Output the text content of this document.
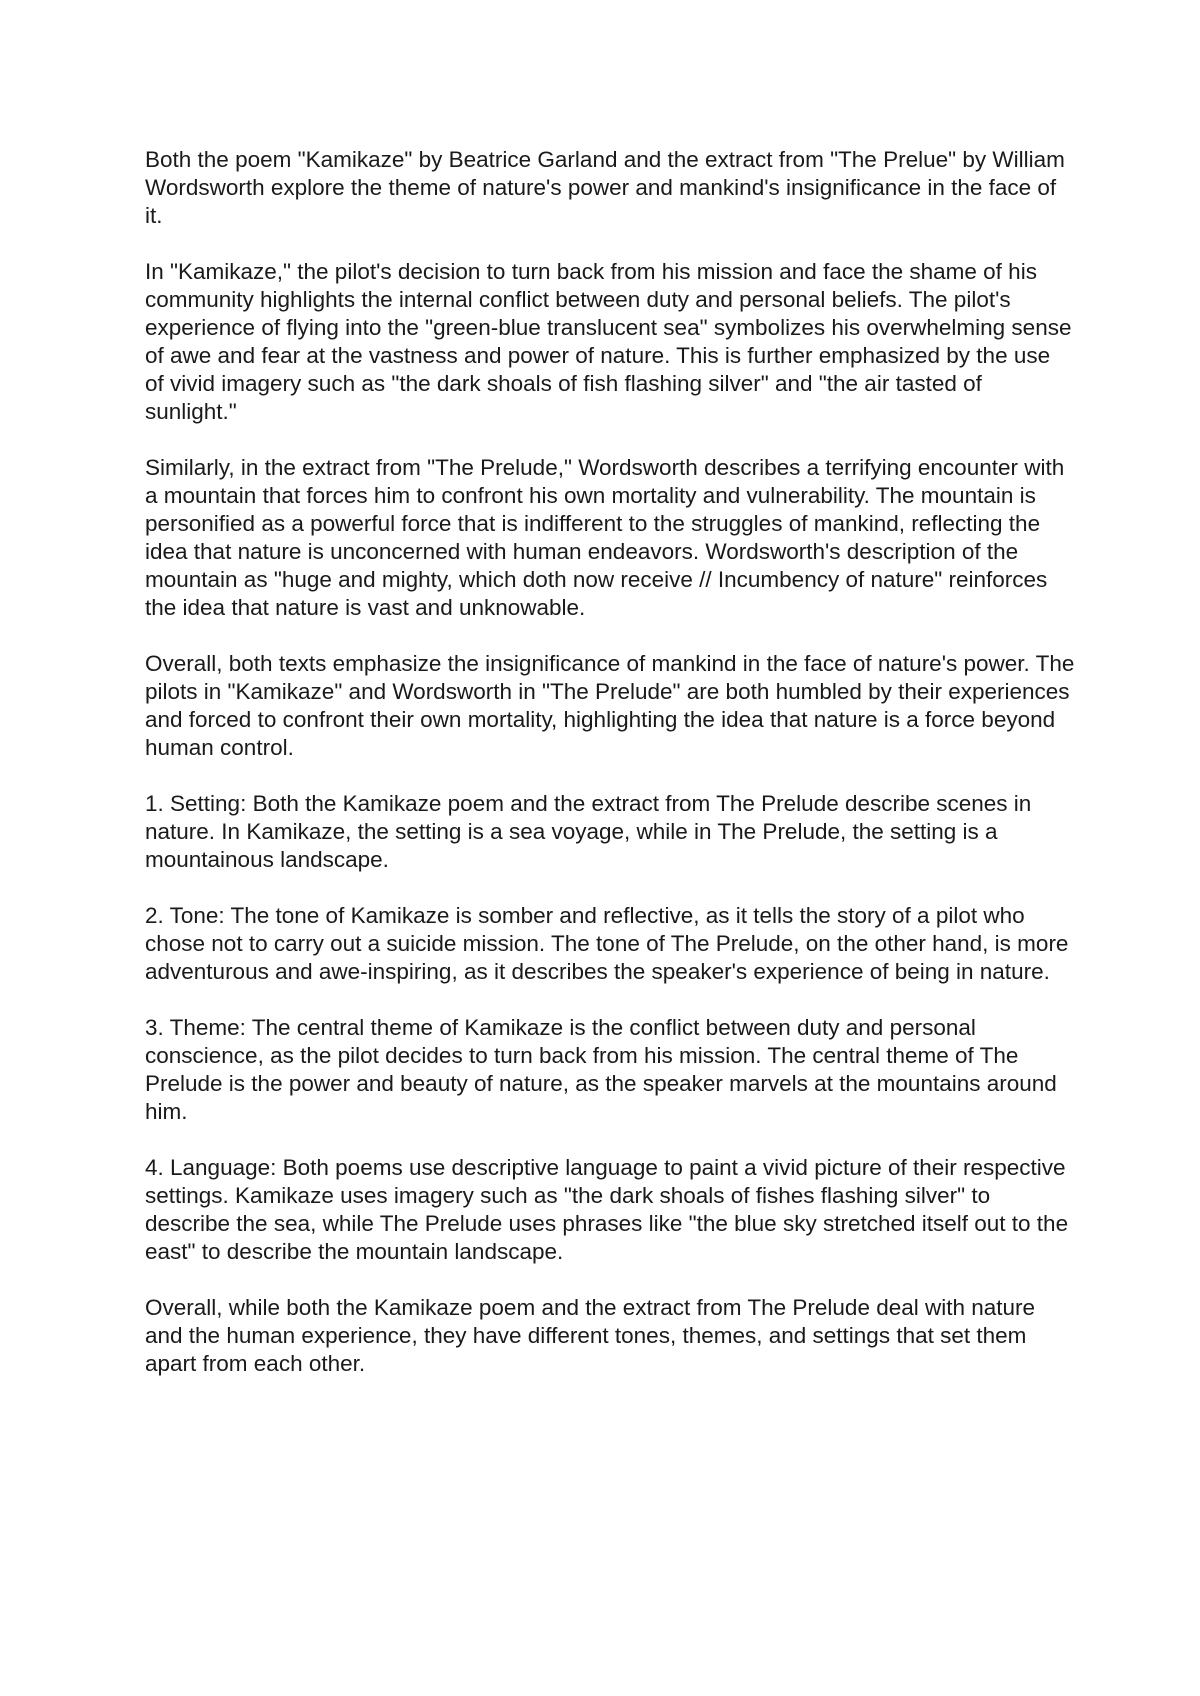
Both the poem "Kamikaze" by Beatrice Garland and the extract from "The Prelue" by William Wordsworth explore the theme of nature's power and mankind's insignificance in the face of it.

In "Kamikaze," the pilot's decision to turn back from his mission and face the shame of his community highlights the internal conflict between duty and personal beliefs. The pilot's experience of flying into the "green-blue translucent sea" symbolizes his overwhelming sense of awe and fear at the vastness and power of nature. This is further emphasized by the use of vivid imagery such as "the dark shoals of fish flashing silver" and "the air tasted of sunlight."

Similarly, in the extract from "The Prelude," Wordsworth describes a terrifying encounter with a mountain that forces him to confront his own mortality and vulnerability. The mountain is personified as a powerful force that is indifferent to the struggles of mankind, reflecting the idea that nature is unconcerned with human endeavors. Wordsworth's description of the mountain as "huge and mighty, which doth now receive // Incumbency of nature" reinforces the idea that nature is vast and unknowable.

Overall, both texts emphasize the insignificance of mankind in the face of nature's power. The pilots in "Kamikaze" and Wordsworth in "The Prelude" are both humbled by their experiences and forced to confront their own mortality, highlighting the idea that nature is a force beyond human control.

1. Setting: Both the Kamikaze poem and the extract from The Prelude describe scenes in nature. In Kamikaze, the setting is a sea voyage, while in The Prelude, the setting is a mountainous landscape.

2. Tone: The tone of Kamikaze is somber and reflective, as it tells the story of a pilot who chose not to carry out a suicide mission. The tone of The Prelude, on the other hand, is more adventurous and awe-inspiring, as it describes the speaker's experience of being in nature.

3. Theme: The central theme of Kamikaze is the conflict between duty and personal conscience, as the pilot decides to turn back from his mission. The central theme of The Prelude is the power and beauty of nature, as the speaker marvels at the mountains around him.

4. Language: Both poems use descriptive language to paint a vivid picture of their respective settings. Kamikaze uses imagery such as "the dark shoals of fishes flashing silver" to describe the sea, while The Prelude uses phrases like "the blue sky stretched itself out to the east" to describe the mountain landscape.

Overall, while both the Kamikaze poem and the extract from The Prelude deal with nature and the human experience, they have different tones, themes, and settings that set them apart from each other.
